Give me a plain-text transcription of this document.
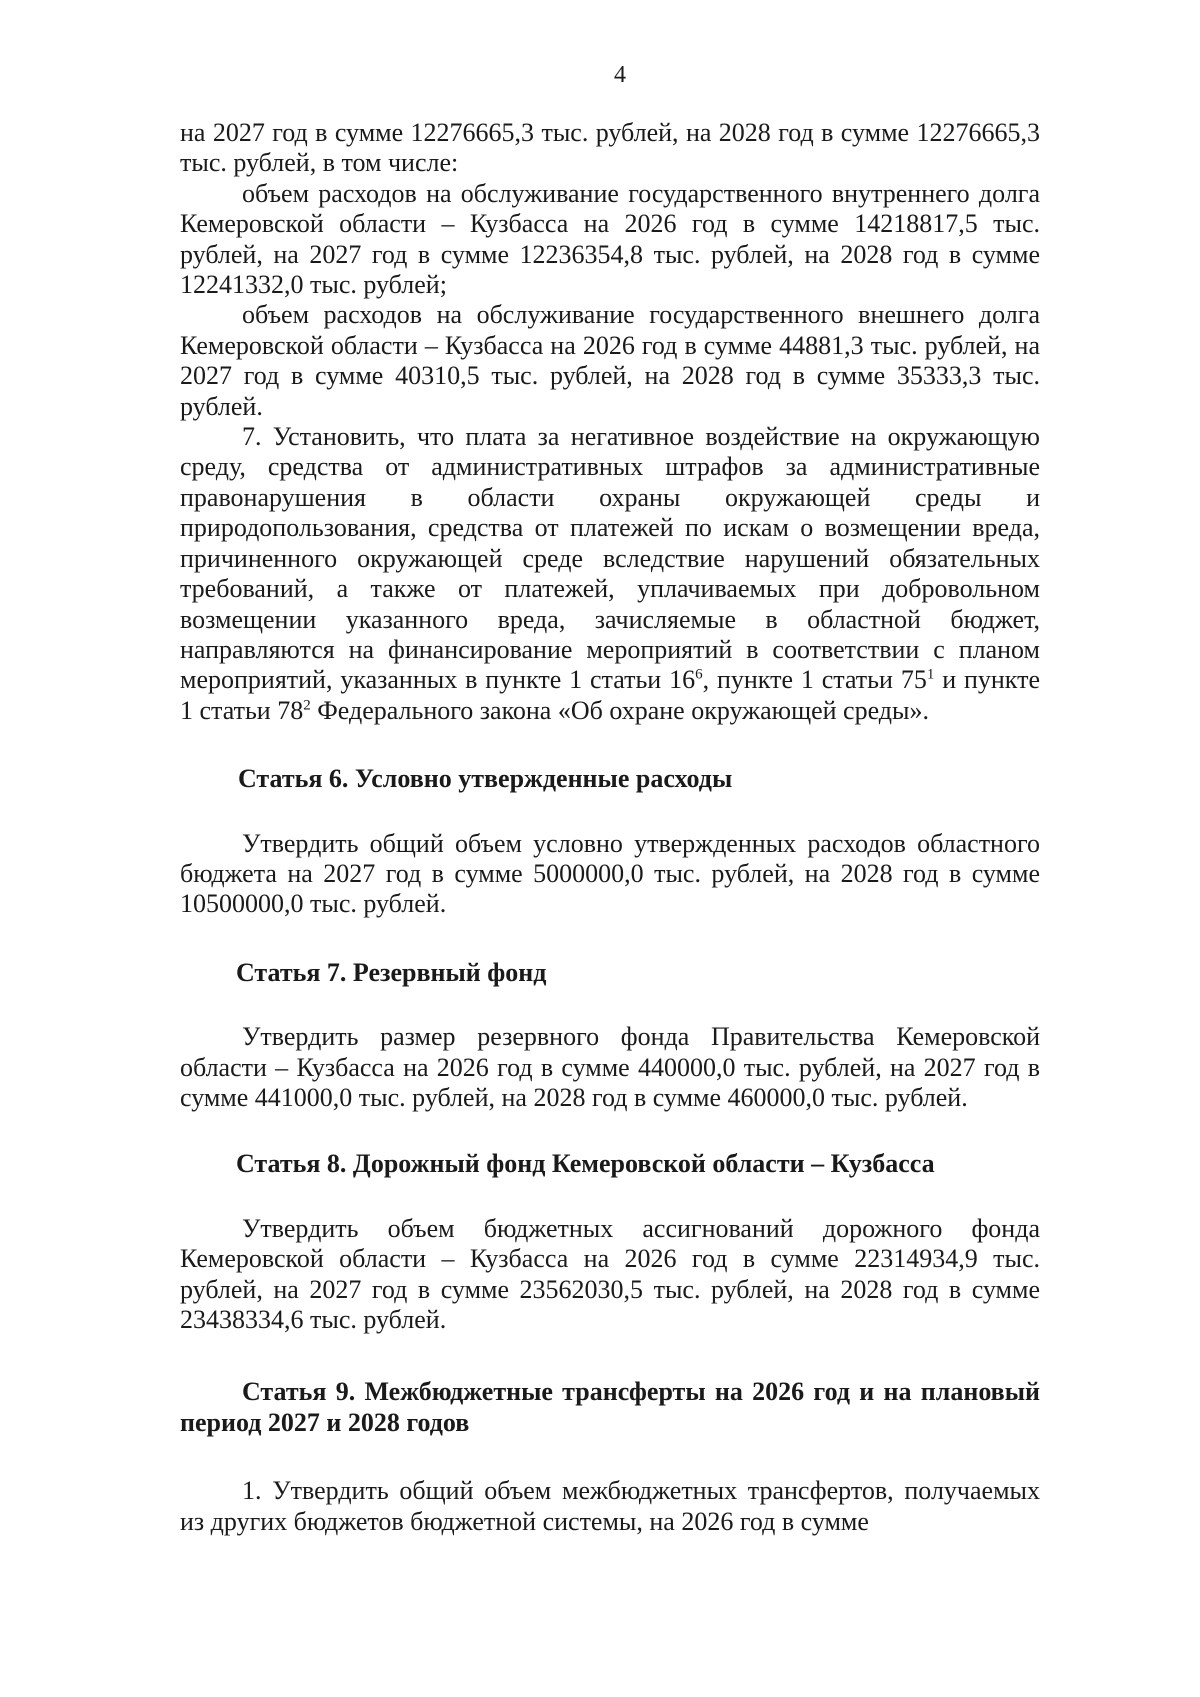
4

на 2027 год в сумме 12276665,3 тыс. рублей, на 2028 год в сумме 12276665,3 тыс. рублей, в том числе:

объем расходов на обслуживание государственного внутреннего долга Кемеровской области – Кузбасса на 2026 год в сумме 14218817,5 тыс. рублей, на 2027 год в сумме 12236354,8 тыс. рублей, на 2028 год в сумме 12241332,0 тыс. рублей;

объем расходов на обслуживание государственного внешнего долга Кемеровской области – Кузбасса на 2026 год в сумме 44881,3 тыс. рублей, на 2027 год в сумме 40310,5 тыс. рублей, на 2028 год в сумме 35333,3 тыс. рублей.

7. Установить, что плата за негативное воздействие на окружающую среду, средства от административных штрафов за административные правонарушения в области охраны окружающей среды и природопользования, средства от платежей по искам о возмещении вреда, причиненного окружающей среде вследствие нарушений обязательных требований, а также от платежей, уплачиваемых при добровольном возмещении указанного вреда, зачисляемые в областной бюджет, направляются на финансирование мероприятий в соответствии с планом мероприятий, указанных в пункте 1 статьи $16^6$, пункте 1 статьи $75^1$ и пункте 1 статьи $78^2$ Федерального закона «Об охране окружающей среды».

Статья 6. Условно утвержденные расходы

Утвердить общий объем условно утвержденных расходов областного бюджета на 2027 год в сумме 5000000,0 тыс. рублей, на 2028 год в сумме 10500000,0 тыс. рублей.

Статья 7. Резервный фонд

Утвердить размер резервного фонда Правительства Кемеровской области – Кузбасса на 2026 год в сумме 440000,0 тыс. рублей, на 2027 год в сумме 441000,0 тыс. рублей, на 2028 год в сумме 460000,0 тыс. рублей.

Статья 8. Дорожный фонд Кемеровской области – Кузбасса

Утвердить объем бюджетных ассигнований дорожного фонда Кемеровской области – Кузбасса на 2026 год в сумме 22314934,9 тыс. рублей, на 2027 год в сумме 23562030,5 тыс. рублей, на 2028 год в сумме 23438334,6 тыс. рублей.

Статья 9. Межбюджетные трансферты на 2026 год и на плановый период 2027 и 2028 годов

1. Утвердить общий объем межбюджетных трансфертов, получаемых из других бюджетов бюджетной системы, на 2026 год в сумме
